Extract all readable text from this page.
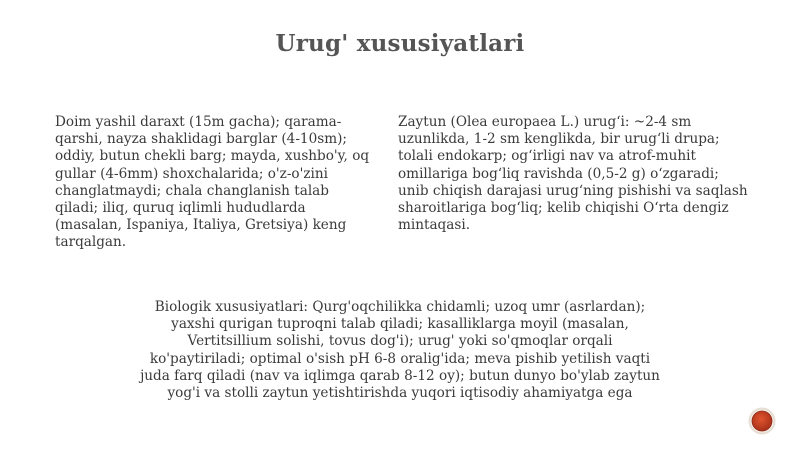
Urug' xususiyatlari
Doim yashil daraxt (15m gacha); qarama-qarshi, nayza shaklidagi barglar (4-10sm); oddiy, butun chekli barg; mayda, xushbo'y, oq gullar (4-6mm) shoxchalarida; o'z-o'zini changlatmaydi; chala changlanish talab qiladi; iliq, quruq iqlimli hududlarda (masalan, Ispaniya, Italiya, Gretsiya) keng tarqalgan.
Zaytun (Olea europaea L.) urug‘i: ~2-4 sm uzunlikda, 1-2 sm kenglikda, bir urug‘li drupa; tolali endokarp; og‘irligi nav va atrof-muhit omillariga bog‘liq ravishda (0,5-2 g) o‘zgaradi; unib chiqish darajasi urug‘ning pishishi va saqlash sharoitlariga bog‘liq; kelib chiqishi O‘rta dengiz mintaqasi.
Biologik xususiyatlari: Qurg'oqchilikka chidamli; uzoq umr (asrlardan); yaxshi qurigan tuproqni talab qiladi; kasalliklarga moyil (masalan, Vertitsillium solishi, tovus dog'i); urug' yoki so'qmoqlar orqali ko'paytiriladi; optimal o'sish pH 6-8 oralig'ida; meva pishib yetilish vaqti juda farq qiladi (nav va iqlimga qarab 8-12 oy); butun dunyo bo'ylab zaytun yog'i va stolli zaytun yetishtirishda yuqori iqtisodiy ahamiyatga ega
